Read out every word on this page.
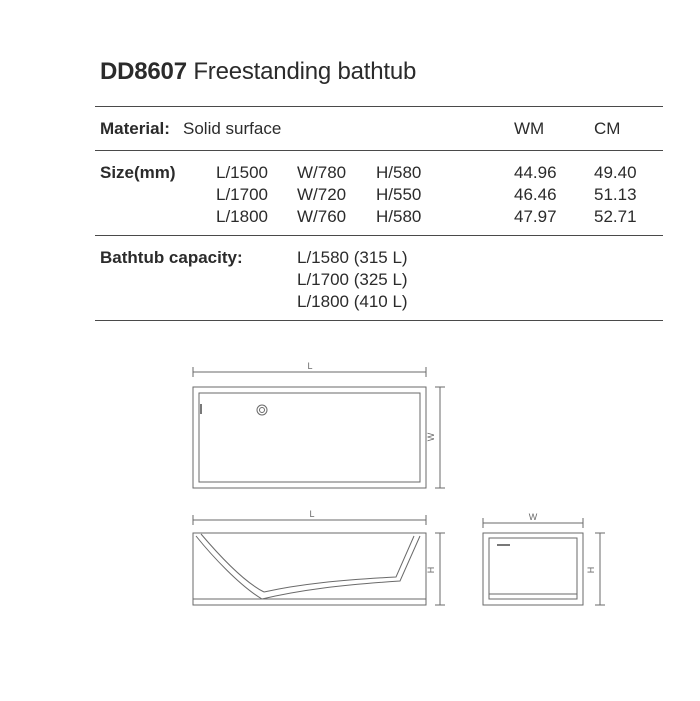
DD8607 Freestanding bathtub
Material: Solid surface	WM	CM
Size(mm) L/1500 W/780 H/580	44.96 49.40
L/1700 W/720 H/550	46.46 51.13
L/1800 W/760 H/580	47.97 52.71
Bathtub capacity:	L/1580 (315 L)
L/1700 (325 L)
L/1800 (410 L)
L
W
L
H
W
H
